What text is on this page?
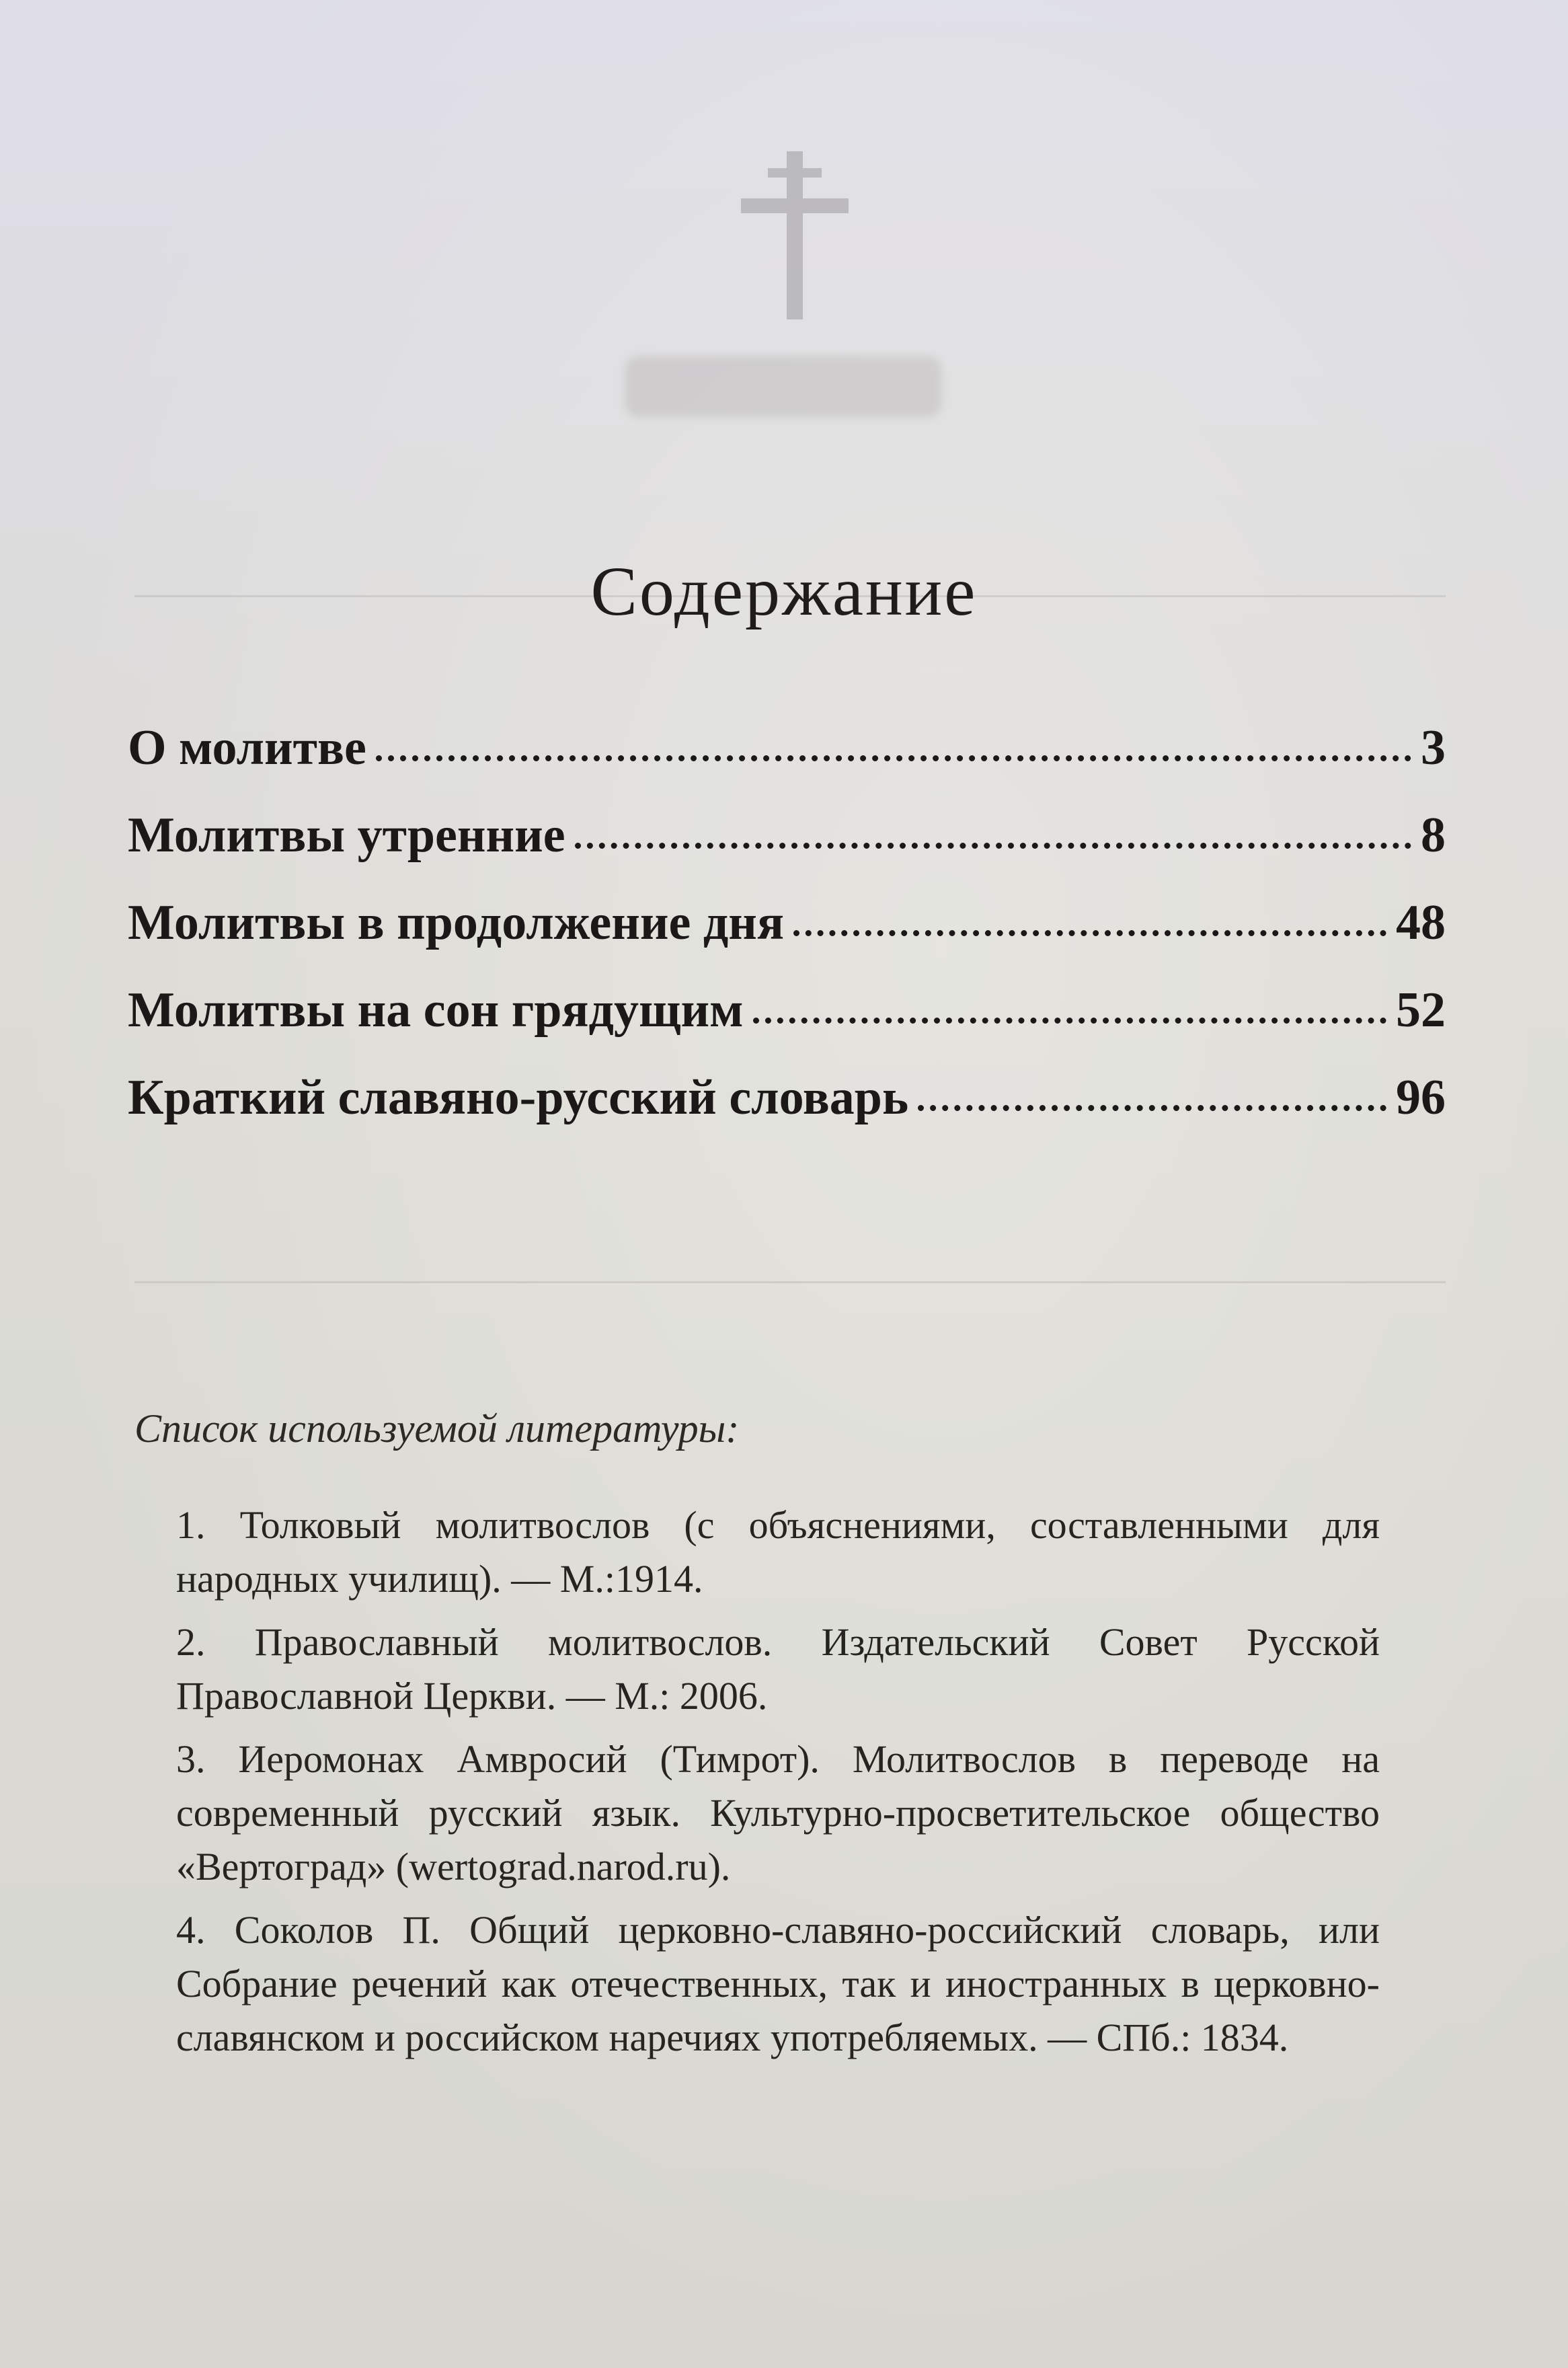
Содержание
О молитве	3
Молитвы утренние	8
Молитвы в продолжение дня	48
Молитвы на сон грядущим	52
Краткий славяно-русский словарь	96
Список используемой литературы:

1. Толковый молитвослов (с объяснениями, составленными для народных училищ). — М.:1914.

2. Православный молитвослов. Издательский Совет Русской Православной Церкви. — М.: 2006.

3. Иеромонах Амвросий (Тимрот). Молитвослов в переводе на современный русский язык. Культурно-просветительское общество «Вертоград» (wertograd.narod.ru).

4. Соколов П. Общий церковно-славяно-российский словарь, или Собрание речений как отечественных, так и иностранных в церковно-славянском и российском наречиях употребляемых. — СПб.: 1834.
